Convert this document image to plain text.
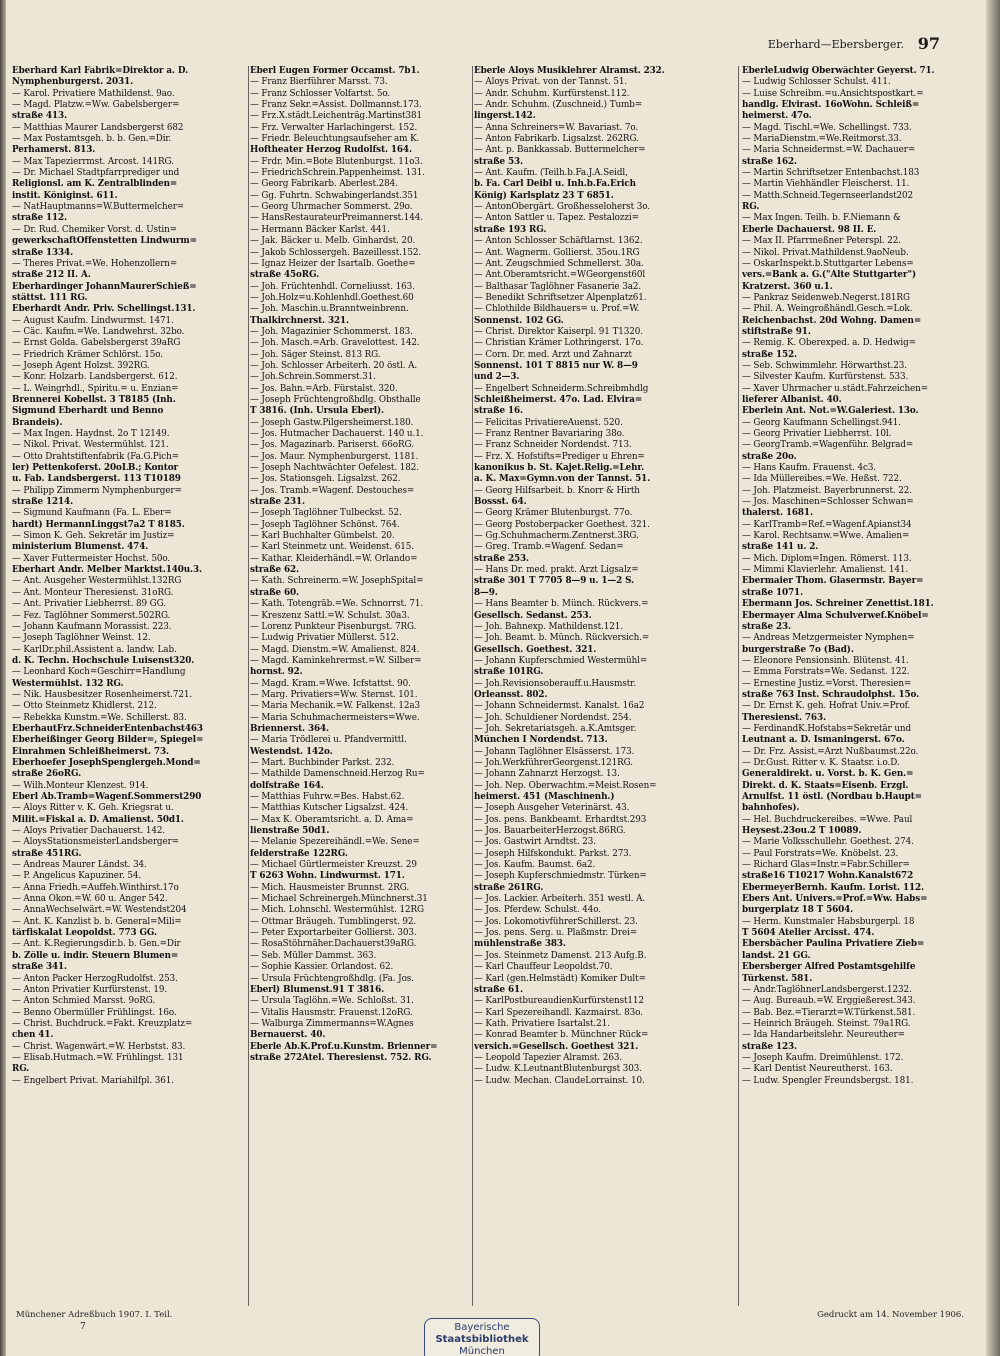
Eberhard—Ebersberger. 97
Eberhard Karl Fabrik=Direktor a. D.
Nymphenburgerst. 2031.
— Karol. Privatiere Mathildenst. 9ao.
— Magd. Platzw.=Ww. Gabelsberger=
straße 413.
— Matthias Maurer Landsbergerst 682
— Max Postamtsgeh. b. b. Gen.=Dir.
Perhamerst. 813.
— Max Tapezierrmst. Arcost. 141RG.
— Dr. Michael Stadtpfarrprediger und
Religionsl. am K. Zentralblinden=
instit. Königinst. 611.
— NatHauptmanns=W.Buttermelcher=
straße 112.
— Dr. Rud. Chemiker Vorst. d. Ustin=
gewerkschaftOffenstetten Lindwurm=
straße 1334.
— Theres Privat.=We. Hohenzollern=
straße 212 II. A.
Eberhardinger JohannMaurerSchieß=
stättst. 111 RG.
Eberhardt Andr. Priv. Schellingst.131.
— August Kaufm. Lindwurmst. 1471.
— Cäc. Kaufm.=We. Landwehrst. 32bo.
— Ernst Golda. Gabelsbergerst 39aRG
— Friedrich Krämer Schlörst. 15o.
— Joseph Agent Holzst. 392RG.
— Konr. Holzarb. Landsbergerst. 612.
— L. Weingrhdl., Spiritu.= u. Enzian=
Brennerei Kobellst. 3 T8185 (Inh.
Sigmund Eberhardt und Benno
Brandeis).
— Max Ingen. Haydnst. 2o T 12149.
— Nikol. Privat. Westermühlst. 121.
— Otto Drahtstiftenfabrik (Fa.G.Pich=
ler) Pettenkoferst. 20oLB.; Kontor
u. Fab. Landsbergerst. 113 T10189
— Philipp Zimmerm Nymphenburger=
straße 1214.
— Sigmund Kaufmann (Fa. L. Eber=
hardt) HermannLinggst7a2 T 8185.
— Simon K. Geh. Sekretär im Justiz=
ministerium Blumenst. 474.
— Xaver Futtermeister Hochst. 50o.
Eberhart Andr. Melber Marktst.140u.3.
— Ant. Ausgeher Westermühlst.132RG
— Ant. Monteur Theresienst. 31oRG.
— Ant. Privatier Liebherrst. 89 GG.
— Fez. Taglöhner Sommerst.502RG.
— Johann Kaufmann Morassist. 223.
— Joseph Taglöhner Weinst. 12.
— KarlDr.phil.Assistent a. landw. Lab.
d. K. Techn. Hochschule Luisenst320.
— Leonhard Koch=Geschirr=Handlung
Westermühlst. 132 RG.
— Nik. Hausbesitzer Rosenheimerst.721.
— Otto Steinmetz Khidlerst. 212.
— Rebekka Kunstm.=We. Schillerst. 83.
EberhautFrz.SchneiderEntenbachst463
Eberheißinger Georg Bilder=, Spiegel=
Einrahmen Schleißheimerst. 73.
Eberhoefer JosephSpenglergeh.Mond=
straße 26oRG.
— Wilh.Monteur Klenzest. 914.
Eberl Ab.Tramb=Wagenf.Sommerst290
— Aloys Ritter v. K. Geh. Kriegsrat u.
Milit.=Fiskal a. D. Amalienst. 50d1.
— Aloys Privatier Dachauerst. 142.
— AloysStationsmeisterLandsberger=
straße 451RG.
— Andreas Maurer Ländst. 34.
— P. Angelicus Kapuziner. 54.
— Anna Friedh.=Auffeh.Winthirst.17o
— Anna Ökon.=W. 60 u. Anger 542.
— AnnaWechselwärt.=W. Westendst204
— Ant. K. Kanzlist b. b. General=Mili=
tärfiskalat Leopoldst. 773 GG.
— Ant. K.Regierungsdir.b. b. Gen.=Dir
b. Zölle u. indir. Steuern Blumen=
straße 341.
— Anton Packer HerzogRudolfst. 253.
— Anton Privatier Kurfürstenst. 19.
— Anton Schmied Marsst. 9oRG.
— Benno Obermüller Frühlingst. 16o.
— Christ. Buchdruck.=Fakt. Kreuzplatz=
chen 41.
— Christ. Wagenwärt.=W. Herbstst. 83.
— Elisab.Hutmach.=W. Frühlingst. 131
RG.
— Engelbert Privat. Mariahilfpl. 361.
Eberl Eugen Former Occamst. 7b1.
— Franz Bierführer Marsst. 73.
— Franz Schlosser Volfartst. 5o.
— Franz Sekr.=Assist. Dollmannst.173.
— Frz.X.städt.Leichenträg.Martinst381
— Frz. Verwalter Harlachingerst. 152.
— Friedr. Beleuchtungsaufseher am K.
Hoftheater Herzog Rudolfst. 164.
— Frdr. Min.=Bote Blutenburgst. 11o3.
— FriedrichSchrein.Pappenheimst. 131.
— Georg Fabrikarb. Aberlest.284.
— Gg. Fuhrtn. Schwabingerlandst.351
— Georg Uhrmacher Sommerst. 29o.
— HansRestaurateurPreimannerst.144.
— Hermann Bäcker Karlst. 441.
— Jak. Bäcker u. Melb. Ginhardst. 20.
— Jakob Schlossergeh. Bazeillesst.152.
— Ignaz Heizer der Isartalb. Goethe=
straße 45oRG.
— Joh. Früchtenhdl. Corneliusst. 163.
— Joh.Holz=u.Kohlenhdl.Goethest.60
— Joh. Maschin.u.Branntweinbrenn.
Thalkirchnerst. 321.
— Joh. Magazinier Schommerst. 183.
— Joh. Masch.=Arb. Gravelottest. 142.
— Joh. Säger Steinst. 813 RG.
— Joh. Schlosser Arbeiterh. 20 östl. A.
— Joh.Schrein.Sommerst.31.
— Jos. Bahn.=Arb. Fürstalst. 320.
— Joseph Früchtengroßhdlg. Obsthalle
T 3816. (Inh. Ursula Eberl).
— Joseph Gastw.Pilgersheimerst.180.
— Jos. Hutmacher Dachauerst. 140 u.1.
— Jos. Magazinarb. Pariserst. 66oRG.
— Jos. Maur. Nymphenburgerst. 1181.
— Joseph Nachtwächter Oefelest. 182.
— Jos. Stationsgeh. Ligsalzst. 262.
— Jos. Tramb.=Wagenf. Destouches=
straße 231.
— Joseph Taglöhner Tulbeckst. 52.
— Joseph Taglöhner Schönst. 764.
— Karl Buchhalter Gümbelst. 20.
— Karl Steinmetz unt. Weidenst. 615.
— Kathar. Kleiderhändl.=W. Orlando=
straße 62.
— Kath. Schreinerm.=W. JosephSpital=
straße 60.
— Kath. Totengräb.=We. Schnorrst. 71.
— Kreszenz Sattl.=W. Schulst. 30a3.
— Lorenz Punkteur Pisenburgst. 7RG.
— Ludwig Privatier Müllerst. 512.
— Magd. Dienstm.=W. Amalienst. 824.
— Magd. Kaminkehrermst.=W. Silber=
hornst. 92.
— Magd. Kram.=Wwe. Icfstattst. 90.
— Marg. Privatiers=Ww. Sternst. 101.
— Maria Mechanik.=W. Falkenst. 12a3
— Maria Schuhmachermeisters=Wwe.
Briennerst. 364.
— Maria Trödlerei u. Pfandvermittl.
Westendst. 142o.
— Mart. Buchbinder Parkst. 232.
— Mathilde Damenschneid.Herzog Ru=
dolfstraße 164.
— Matthias Fuhrw.=Bes. Habst.62.
— Matthias Kutscher Ligsalzst. 424.
— Max K. Oberamtsricht. a. D. Ama=
lienstraße 50d1.
— Melanie Spezereihändl.=We. Sene=
felderstraße 122RG.
— Michael Gürtlermeister Kreuzst. 29
T 6263 Wohn. Lindwurmst. 171.
— Mich. Hausmeister Brunnst. 2RG.
— Michael Schreinergeh.Münchnerst.31
— Mich. Lohnschl. Westermühlst. 12RG
— Ottmar Bräugeh. Tumblingerst. 92.
— Peter Exportarbeiter Gollierst. 303.
— RosaStöhrnäher.Dachauerst39aRG.
— Seb. Müller Dammst. 363.
— Sophie Kassier. Orlandost. 62.
— Ursula Früchtengroßhdlg. (Fa. Jos.
Eberl) Blumenst.91 T 3816.
— Ursula Taglöhn.=We. Schloßst. 31.
— Vitalis Hausmstr. Frauenst.12oRG.
— Walburga Zimmermanns=W.Agnes
Bernauerst. 40.
Eberle Ab.K.Prof.u.Kunstm. Brienner=
straße 272Atel. Theresienst. 752. RG.
Eberle Aloys Musiklehrer Alramst. 232.
— Aloys Privat. von der Tannst. 51.
— Andr. Schuhm. Kurfürstenst.112.
— Andr. Schuhm. (Zuschneid.) Tumb=
lingerst.142.
— Anna Schreiners=W. Bavariast. 7o.
— Anton Fabrikarb. Ligsalzst. 262RG.
— Ant. p. Bankkassab. Buttermelcher=
straße 53.
— Ant. Kaufm. (Teilh.b.Fa.J.A.Seidl,
b. Fa. Carl Deibl u. Inh.b.Fa.Erich
König) Karlsplatz 23 T 6851.
— AntonObergärt. Großhesseloherst 3o.
— Anton Sattler u. Tapez. Pestalozzi=
straße 193 RG.
— Anton Schlosser Schäftlarnst. 1362.
— Ant. Wagnerm. Gollierst. 35ou.1RG
— Ant. Zeugschmied Schmellerst. 30a.
— Ant.Oberamtsricht.=WGeorgenst60l
— Balthasar Taglöhner Fasanerie 3a2.
— Benedikt Schriftsetzer Alpenplatz61.
— Chlothilde Bildhauers= u. Prof.=W.
Sonnenst. 102 GG.
— Christ. Direktor Kaiserpl. 91 T1320.
— Christian Krämer Lothringerst. 17o.
— Corn. Dr. med. Arzt und Zahnarzt
Sonnenst. 101 T 8815 nur W. 8—9
und 2—3.
— Engelbert Schneiderm.Schreibmhdlg
Schleißheimerst. 47o. Lad. Elvira=
straße 16.
— Felicitas PrivatiereAuenst. 520.
— Franz Rentner Bavariaring 38o.
— Franz Schneider Nordendst. 713.
— Frz. X. Hofstifts=Prediger u Ehren=
kanonikus b. St. Kajet.Relig.=Lehr.
a. K. Max=Gymn.von der Tannst. 51.
— Georg Hilfsarbeit. b. Knorr & Hirth
Bossst. 64.
— Georg Krämer Blutenburgst. 77o.
— Georg Postoberpacker Goethest. 321.
— Gg.Schuhmacherm.Zentnerst.3RG.
— Greg. Tramb.=Wagenf. Sedan=
straße 253.
— Hans Dr. med. prakt. Arzt Ligsalz=
straße 301 T 7705 8—9 u. 1—2 S.
8—9.
— Hans Beamter b. Münch. Rückvers.=
Gesellsch. Sedanst. 253.
— Joh. Bahnexp. Mathildenst.121.
— Joh. Beamt. b. Münch. Rückversich.=
Gesellsch. Goethest. 321.
— Johann Kupferschmied Westermühl=
straße 101RG.
— Joh.Revisionsoberauff.u.Hausmstr.
Orleansst. 802.
— Johann Schneidermst. Kanalst. 16a2
— Joh. Schuldiener Nordendst. 254.
— Joh. Sekretariatsgeh. a.K.Amtsger.
München I Nordendst. 713.
— Johann Taglöhner Elsässerst. 173.
— Joh.WerkführerGeorgenst.121RG.
— Johann Zahnarzt Herzogst. 13.
— Joh. Nep. Oberwachtm.=Meist.Rosen=
heimerst. 451 (Maschinenh.)
— Joseph Ausgeher Veterinärst. 43.
— Jos. pens. Bankbeamt. Erhardtst.293
— Jos. BauarbeiterHerzogst.86RG.
— Jos. Gastwirt Arndtst. 23.
— Joseph Hilfskondukt. Parkst. 273.
— Jos. Kaufm. Baumst. 6a2.
— Joseph Kupferschmiedmstr. Türken=
straße 261RG.
— Jos. Lackier. Arbeiterh. 351 westl. A.
— Jos. Pferdew. Schulst. 44o.
— Jos. LokomotivführerSchillerst. 23.
— Jos. pens. Serg. u. Plaßmstr. Drei=
mühlenstraße 383.
— Jos. Steinmetz Damenst. 213 Aufg.B.
— Karl Chauffeur Leopoldst.70.
— Karl (gen.Helmstädt) Komiker Dult=
straße 61.
— KarlPostbureaudienKurfürstenst112
— Karl Spezereihandl. Kazmairst. 83o.
— Kath. Privatiere Isartalst.21.
— Konrad Beamter b. Münchner Rück=
versich.=Gesellsch. Goethest 321.
— Leopold Tapezier Alramst. 263.
— Ludw. K.LeutnantBlutenburgst 303.
— Ludw. Mechan. ClaudeLorrainst. 10.
EberleLudwig Oberwächter Geyerst. 71.
— Ludwig Schlosser Schulst. 411.
— Luise Schreibm.=u.Ansichtspostkart.=
handlg. Elvirast. 16oWohn. Schleiß=
heimerst. 47o.
— Magd. Tischl.=We. Schellingst. 733.
— MariaDienstm.=We.Reitmorst.33.
— Maria Schneidermst.=W. Dachauer=
straße 162.
— Martin Schriftsetzer Entenbachst.183
— Martin Viehhändler Fleischerst. 11.
— Matth.Schneid.Tegernseerlandst202
RG.
— Max Ingen. Teilh. b. F.Niemann &
Eberle Dachauerst. 98 II. E.
— Max II. Pfarrmeßner Peterspl. 22.
— Nikol. Privat.Mathildenst.9aoNeub.
— OskarInspekt.b.Stuttgarter Lebens=
vers.=Bank a. G.("Alte Stuttgarter")
Kratzerst. 360 u.1.
— Pankraz Seidenweb.Negerst.181RG
— Phil. A. Weingroßhändl.Gesch.=Lok.
Reichenbachst. 20d Wohng. Damen=
stiftstraße 91.
— Remig. K. Oberexped. a. D. Hedwig=
straße 152.
— Seb. Schwimmlehr. Hörwarthst.23.
— Silvester Kaufm. Kurfürstenst. 533.
— Xaver Uhrmacher u.städt.Fahrzeichen=
lieferer Albanist. 40.
Eberlein Ant. Not.=W.Galeriest. 13o.
— Georg Kaufmann Schellingst.941.
— Georg Privatier Liebherrst. 10l.
— GeorgTramb.=Wagenführ. Belgrad=
straße 20o.
— Hans Kaufm. Frauenst. 4c3.
— Ida Müllereibes.=We. Heßst. 722.
— Joh. Platzmeist. Bayerbrunnerst. 22.
— Jos. Maschinen=Schlosser Schwan=
thalerst. 1681.
— KarlTramb=Ref.=Wagenf.Apianst34
— Karol. Rechtsanw.=Wwe. Amalien=
straße 141 u. 2.
— Mich. Diplom=Ingen. Römerst. 113.
— Mimmi Klavierlehr. Amalienst. 141.
Ebermaier Thom. Glasermstr. Bayer=
straße 1071.
Ebermann Jos. Schreiner Zenettist.181.
Ebermayer Alma Schulverwef.Knöbel=
straße 23.
— Andreas Metzgermeister Nymphen=
burgerstraße 7o (Bad).
— Eleonore Pensionsinh. Blütenst. 41.
— Emma Forstrats=We. Sedanst. 122.
— Ernestine Justiz.=Vorst. Theresien=
straße 763 Inst. Schraudolphst. 15o.
— Dr. Ernst K. geh. Hofrat Univ.=Prof.
Theresienst. 763.
— FerdinandK.Hofstabs=Sekretär und
Leutnant a. D. Ismaningerst. 67o.
— Dr. Frz. Assist.=Arzt Nußbaumst.22o.
— Dr.Gust. Ritter v. K. Staatsr. i.o.D.
Generaldirekt. u. Vorst. b. K. Gen.=
Direkt. d. K. Staats=Eisenb. Erzgl.
Arnulfst. 11 östl. (Nordbau b.Haupt=
bahnhofes).
— Hel. Buchdruckereibes. =Wwe. Paul
Heysest.23ou.2 T 10089.
— Marie Volksschullehr. Goethest. 274.
— Paul Forstrats=We. Knöbelst. 23.
— Richard Glas=Instr.=Fabr.Schiller=
straße16 T10217 Wohn.Kanalst672
EbermeyerBernh. Kaufm. Lorist. 112.
Ebers Ant. Univers.=Prof.=Ww. Habs=
burgerplatz 18 T 5604.
— Herm. Kunstmaler Habsburgerpl. 18
T 5604 Atelier Arcisst. 474.
Ebersbächer Paulina Privatiere Zieb=
landst. 21 GG.
Ebersberger Alfred Postamtsgehilfe
Türkenst. 581.
— Andr.TaglöhnerLandsbergerst.1232.
— Aug. Bureaub.=W. Erggießerest.343.
— Bab. Bez.=Tierarzt=W.Türkenst.581.
— Heinrich Bräugeh. Steinst. 79a1RG.
— Ida Handarbeitslehr. Neureuther=
straße 123.
— Joseph Kaufm. Dreimühlenst. 172.
— Karl Dentist Neureutherst. 163.
— Ludw. Spengler Freundsbergst. 181.
Münchener Adreßbuch 1907. I. Teil.
7
Gedruckt am 14. November 1906.
Bayerische
Staatsbibliothek
München
